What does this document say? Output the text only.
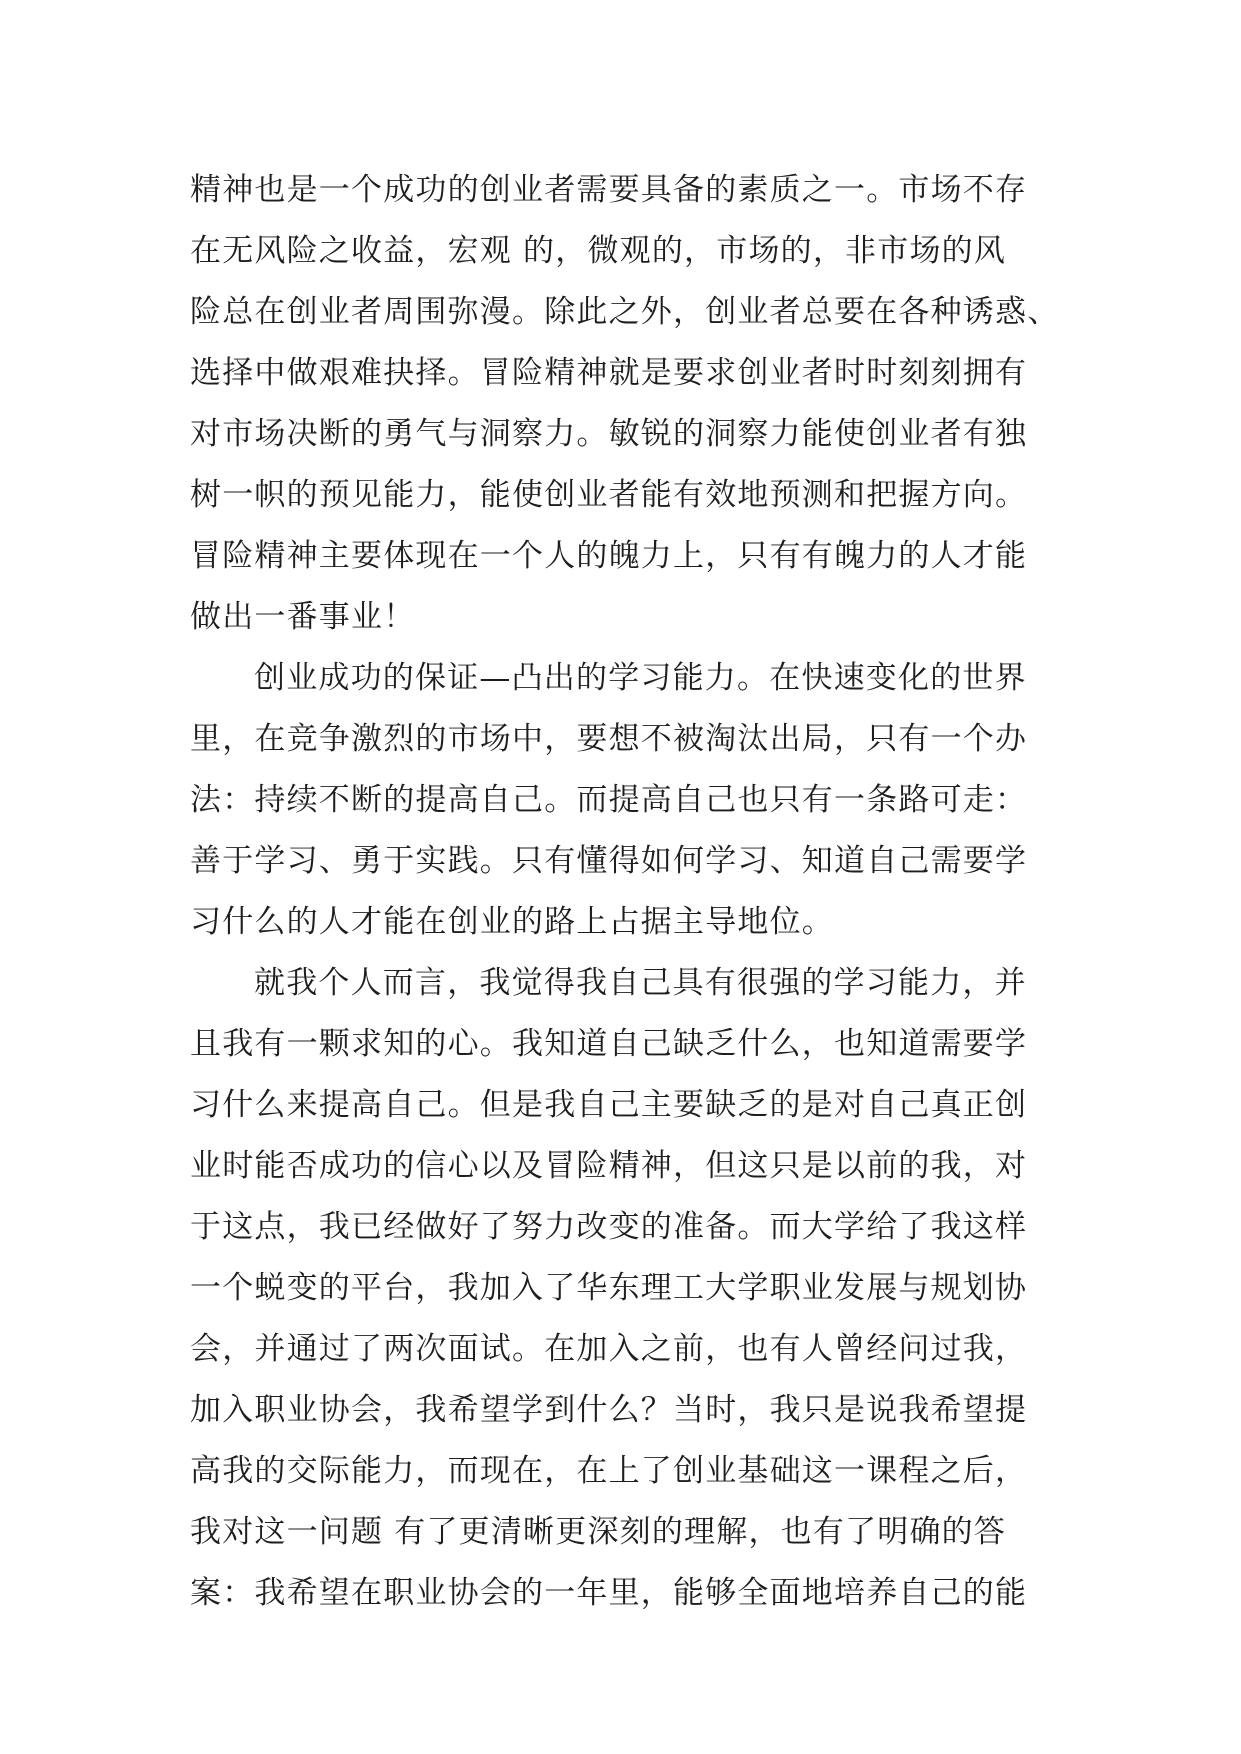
精神也是一个成功的创业者需要具备的素质之一。市场不存
在无风险之收益，宏观 的，微观的，市场的，非市场的风
险总在创业者周围弥漫。除此之外，创业者总要在各种诱惑、
选择中做艰难抉择。冒险精神就是要求创业者时时刻刻拥有
对市场决断的勇气与洞察力。敏锐的洞察力能使创业者有独
树一帜的预见能力，能使创业者能有效地预测和把握方向。
冒险精神主要体现在一个人的魄力上，只有有魄力的人才能
做出一番事业！
创业成功的保证—凸出的学习能力。在快速变化的世界
里，在竞争激烈的市场中，要想不被淘汰出局，只有一个办
法：持续不断的提高自己。而提高自己也只有一条路可走：
善于学习、勇于实践。只有懂得如何学习、知道自己需要学
习什么的人才能在创业的路上占据主导地位。
就我个人而言，我觉得我自己具有很强的学习能力，并
且我有一颗求知的心。我知道自己缺乏什么，也知道需要学
习什么来提高自己。但是我自己主要缺乏的是对自己真正创
业时能否成功的信心以及冒险精神，但这只是以前的我，对
于这点，我已经做好了努力改变的准备。而大学给了我这样
一个蜕变的平台，我加入了华东理工大学职业发展与规划协
会，并通过了两次面试。在加入之前，也有人曾经问过我，
加入职业协会，我希望学到什么？当时，我只是说我希望提
高我的交际能力，而现在，在上了创业基础这一课程之后，
我对这一问题 有了更清晰更深刻的理解，也有了明确的答
案：我希望在职业协会的一年里，能够全面地培养自己的能
